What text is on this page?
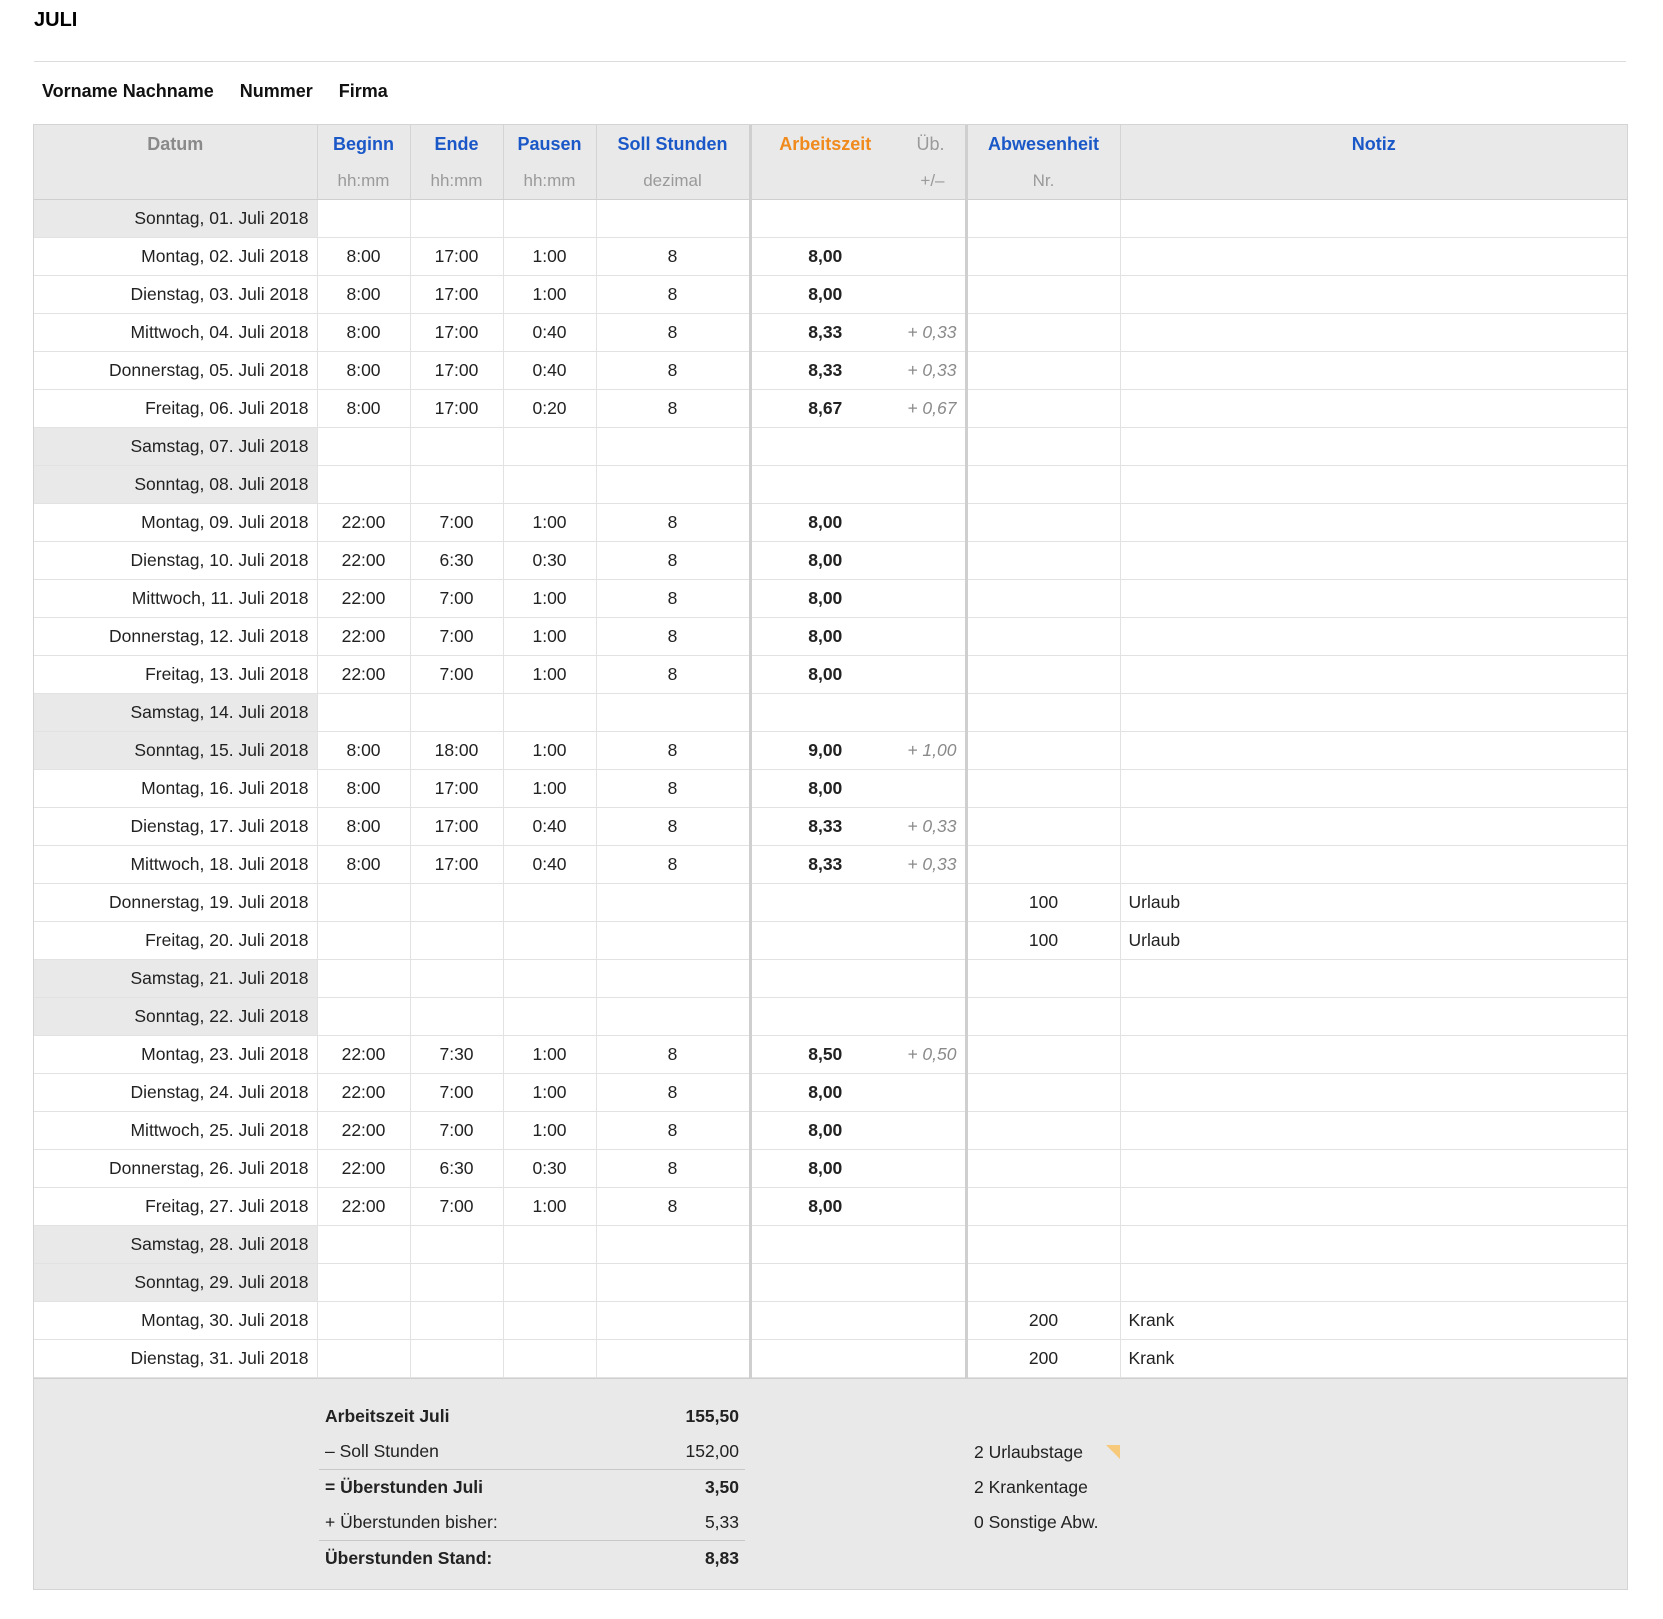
JULI
Vorname Nachname Nummer Firma
Datum	Beginn	Ende	Pausen	Soll Stunden	Arbeitszeit	Üb.	Abwesenheit	Notiz
	hh:mm	hh:mm	hh:mm	dezimal		+/–	Nr.	
Sonntag, 01. Juli 2018								
Montag, 02. Juli 2018	8:00	17:00	1:00	8	8,00			
Dienstag, 03. Juli 2018	8:00	17:00	1:00	8	8,00			
Mittwoch, 04. Juli 2018	8:00	17:00	0:40	8	8,33	+ 0,33		
Donnerstag, 05. Juli 2018	8:00	17:00	0:40	8	8,33	+ 0,33		
Freitag, 06. Juli 2018	8:00	17:00	0:20	8	8,67	+ 0,67		
Samstag, 07. Juli 2018								
Sonntag, 08. Juli 2018								
Montag, 09. Juli 2018	22:00	7:00	1:00	8	8,00			
Dienstag, 10. Juli 2018	22:00	6:30	0:30	8	8,00			
Mittwoch, 11. Juli 2018	22:00	7:00	1:00	8	8,00			
Donnerstag, 12. Juli 2018	22:00	7:00	1:00	8	8,00			
Freitag, 13. Juli 2018	22:00	7:00	1:00	8	8,00			
Samstag, 14. Juli 2018								
Sonntag, 15. Juli 2018	8:00	18:00	1:00	8	9,00	+ 1,00		
Montag, 16. Juli 2018	8:00	17:00	1:00	8	8,00			
Dienstag, 17. Juli 2018	8:00	17:00	0:40	8	8,33	+ 0,33		
Mittwoch, 18. Juli 2018	8:00	17:00	0:40	8	8,33	+ 0,33		
Donnerstag, 19. Juli 2018							100	Urlaub
Freitag, 20. Juli 2018							100	Urlaub
Samstag, 21. Juli 2018								
Sonntag, 22. Juli 2018								
Montag, 23. Juli 2018	22:00	7:30	1:00	8	8,50	+ 0,50		
Dienstag, 24. Juli 2018	22:00	7:00	1:00	8	8,00			
Mittwoch, 25. Juli 2018	22:00	7:00	1:00	8	8,00			
Donnerstag, 26. Juli 2018	22:00	6:30	0:30	8	8,00			
Freitag, 27. Juli 2018	22:00	7:00	1:00	8	8,00			
Samstag, 28. Juli 2018								
Sonntag, 29. Juli 2018								
Montag, 30. Juli 2018							200	Krank
Dienstag, 31. Juli 2018							200	Krank
Arbeitszeit Juli	155,50
– Soll Stunden	152,00
= Überstunden Juli	3,50
+ Überstunden bisher:	5,33
Überstunden Stand:	8,83
2 Urlaubstage
2 Krankentage
0 Sonstige Abw.
